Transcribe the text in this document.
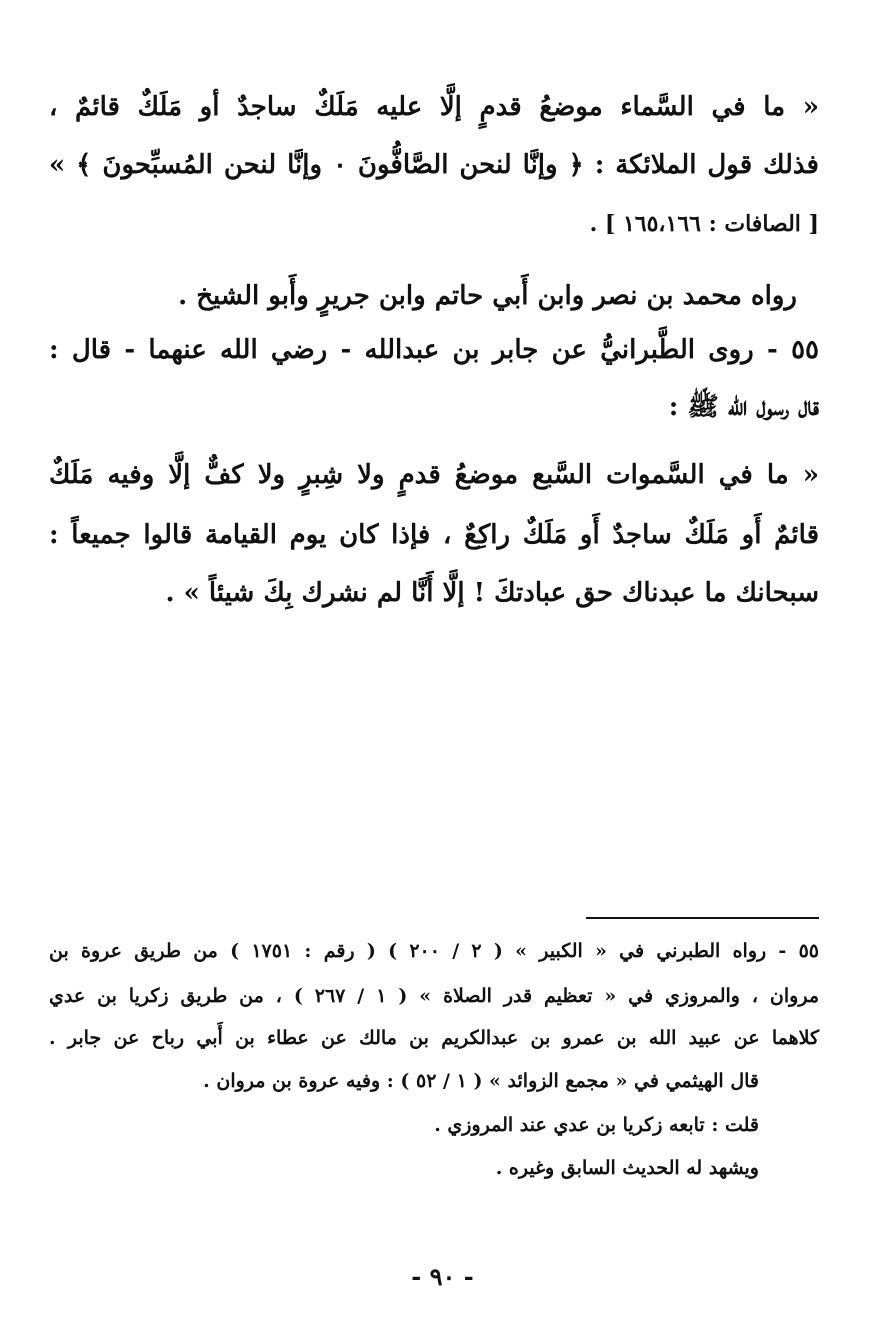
« ما في السَّماء موضعُ قدمٍ إلَّا عليه مَلَكٌ ساجدٌ أو مَلَكٌ قائمٌ ،
فذلك قول الملائكة : ﴿ وإنَّا لنحن الصَّافُّونَ ٠ وإنَّا لنحن المُسبِّحونَ ﴾ »
[ الصافات : ١٦٥،١٦٦ ] .
رواه محمد بن نصر وابن أَبي حاتم وابن جريرٍ وأَبو الشيخ .
٥٥ - روى الطَّبرانيُّ عن جابر بن عبدالله - رضي الله عنهما - قال :
قال رسول الله ﷺ :
« ما في السَّموات السَّبع موضعُ قدمٍ ولا شِبرٍ ولا كفٌّ إلَّا وفيه مَلَكٌ
قائمٌ أَو مَلَكٌ ساجدٌ أَو مَلَكٌ راكِعٌ ، فإذا كان يوم القيامة قالوا جميعاً :
سبحانك ما عبدناك حق عبادتكَ ! إلَّا أَنَّا لم نشرك بِكَ شيئاً » .
٥٥ - رواه الطبرني في « الكبير » ( ٢ / ٢٠٠ ) ( رقم : ١٧٥١ ) من طريق عروة بن
مروان ، والمروزي في « تعظيم قدر الصلاة » ( ١ / ٢٦٧ ) ، من طريق زكريا بن عدي
كلاهما عن عبيد الله بن عمرو بن عبدالكريم بن مالك عن عطاء بن أَبي رباح عن جابر .
قال الهيثمي في « مجمع الزوائد » ( ١ / ٥٢ ) : وفيه عروة بن مروان .
قلت : تابعه زكريا بن عدي عند المروزي .
ويشهد له الحديث السابق وغيره .
- ٩٠ -
